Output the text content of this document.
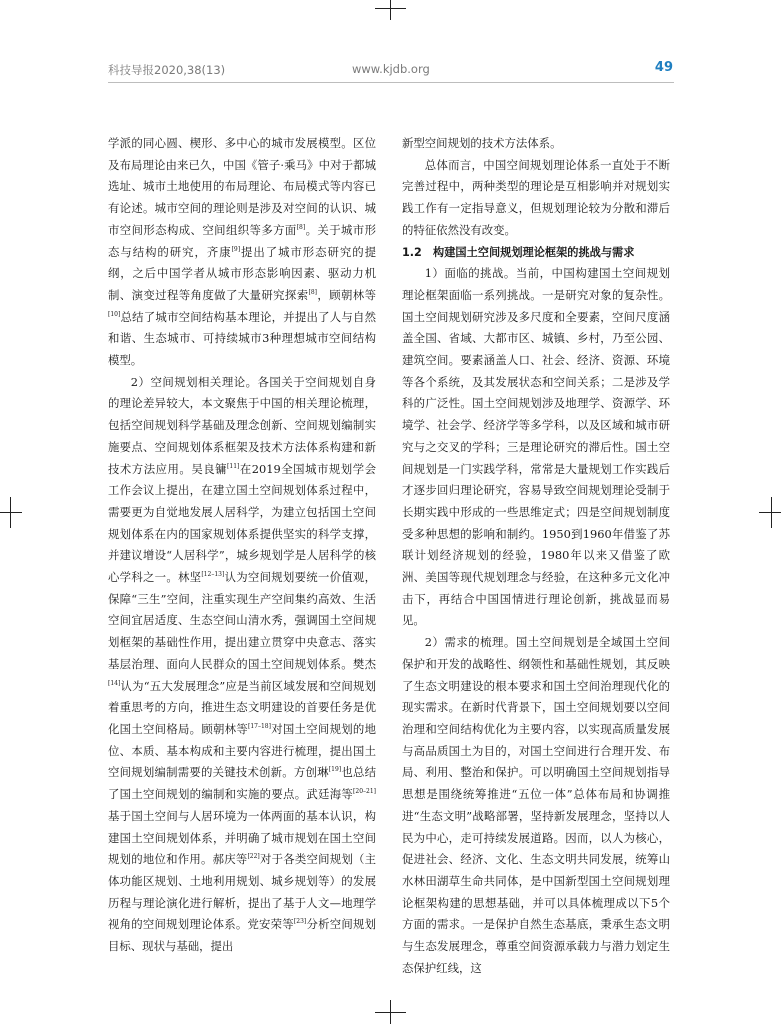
科技导报2020,38(13)	www.kjdb.org	49

学派的同心圆、楔形、多中心的城市发展模型。区位及布局理论由来已久，中国《管子·乘马》中对于都城选址、城市土地使用的布局理论、布局模式等内容已有论述。城市空间的理论则是涉及对空间的认识、城市空间形态构成、空间组织等多方面[8]。关于城市形态与结构的研究，齐康[9]提出了城市形态研究的提纲，之后中国学者从城市形态影响因素、驱动力机制、演变过程等角度做了大量研究探索[8]，顾朝林等[10]总结了城市空间结构基本理论，并提出了人与自然和谐、生态城市、可持续城市3种理想城市空间结构模型。

2）空间规划相关理论。各国关于空间规划自身的理论差异较大，本文聚焦于中国的相关理论梳理，包括空间规划科学基础及理念创新、空间规划编制实施要点、空间规划体系框架及技术方法体系构建和新技术方法应用。吴良镛[11]在2019全国城市规划学会工作会议上提出，在建立国土空间规划体系过程中，需要更为自觉地发展人居科学，为建立包括国土空间规划体系在内的国家规划体系提供坚实的科学支撑，并建议增设“人居科学”，城乡规划学是人居科学的核心学科之一。林坚[12–13]认为空间规划要统一价值观，保障“三生”空间，注重实现生产空间集约高效、生活空间宜居适度、生态空间山清水秀，强调国土空间规划框架的基础性作用，提出建立贯穿中央意志、落实基层治理、面向人民群众的国土空间规划体系。樊杰[14]认为“五大发展理念”应是当前区域发展和空间规划着重思考的方向，推进生态文明建设的首要任务是优化国土空间格局。顾朝林等[17–18]对国土空间规划的地位、本质、基本构成和主要内容进行梳理，提出国土空间规划编制需要的关键技术创新。方创琳[19]也总结了国土空间规划的编制和实施的要点。武廷海等[20–21]基于国土空间与人居环境为一体两面的基本认识，构建国土空间规划体系，并明确了城市规划在国土空间规划的地位和作用。郝庆等[22]对于各类空间规划（主体功能区规划、土地利用规划、城乡规划等）的发展历程与理论演化进行解析，提出了基于人文—地理学视角的空间规划理论体系。党安荣等[23]分析空间规划目标、现状与基础，提出

新型空间规划的技术方法体系。

总体而言，中国空间规划理论体系一直处于不断完善过程中，两种类型的理论是互相影响并对规划实践工作有一定指导意义，但规划理论较为分散和滞后的特征依然没有改变。

1.2　构建国土空间规划理论框架的挑战与需求

1）面临的挑战。当前，中国构建国土空间规划理论框架面临一系列挑战。一是研究对象的复杂性。国土空间规划研究涉及多尺度和全要素，空间尺度涵盖全国、省域、大都市区、城镇、乡村，乃至公园、建筑空间。要素涵盖人口、社会、经济、资源、环境等各个系统，及其发展状态和空间关系；二是涉及学科的广泛性。国土空间规划涉及地理学、资源学、环境学、社会学、经济学等多学科，以及区域和城市研究与之交叉的学科；三是理论研究的滞后性。国土空间规划是一门实践学科，常常是大量规划工作实践后才逐步回归理论研究，容易导致空间规划理论受制于长期实践中形成的一些思维定式；四是空间规划制度受多种思想的影响和制约。1950到1960年借鉴了苏联计划经济规划的经验，1980年以来又借鉴了欧洲、美国等现代规划理念与经验，在这种多元文化冲击下，再结合中国国情进行理论创新，挑战显而易见。

2）需求的梳理。国土空间规划是全域国土空间保护和开发的战略性、纲领性和基础性规划，其反映了生态文明建设的根本要求和国土空间治理现代化的现实需求。在新时代背景下，国土空间规划要以空间治理和空间结构优化为主要内容，以实现高质量发展与高品质国土为目的，对国土空间进行合理开发、布局、利用、整治和保护。可以明确国土空间规划指导思想是围绕统筹推进“五位一体”总体布局和协调推进“生态文明”战略部署，坚持新发展理念，坚持以人民为中心，走可持续发展道路。因而，以人为核心，促进社会、经济、文化、生态文明共同发展，统筹山水林田湖草生命共同体，是中国新型国土空间规划理论框架构建的思想基础，并可以具体梳理成以下5个方面的需求。一是保护自然生态基底，秉承生态文明与生态发展理念，尊重空间资源承载力与潜力划定生态保护红线，这
